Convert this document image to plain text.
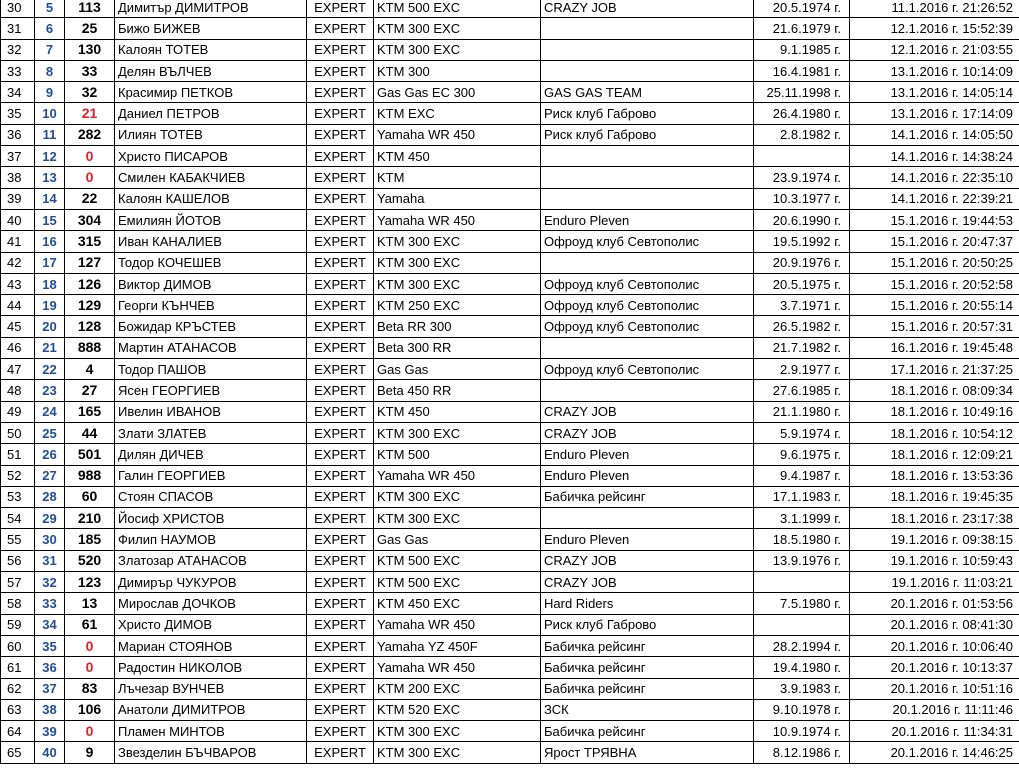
30	5	113	Димитър ДИМИТРОВ	EXPERT	KTM 500 EXC	CRAZY JOB	20.5.1974 г.	11.1.2016 г. 21:26:52
31	6	25	Бижо БИЖЕВ	EXPERT	KTM 300 EXC		21.6.1979 г.	12.1.2016 г. 15:52:39
32	7	130	Калоян ТОТЕВ	EXPERT	KTM 300 EXC		9.1.1985 г.	12.1.2016 г. 21:03:55
33	8	33	Делян ВЪЛЧЕВ	EXPERT	KTM 300		16.4.1981 г.	13.1.2016 г. 10:14:09
34	9	32	Красимир ПЕТКОВ	EXPERT	Gas Gas EC 300	GAS GAS TEAM	25.11.1998 г.	13.1.2016 г. 14:05:14
35	10	21	Даниел ПЕТРОВ	EXPERT	KTM EXC	Риск клуб Габрово	26.4.1980 г.	13.1.2016 г. 17:14:09
36	11	282	Илиян ТОТЕВ	EXPERT	Yamaha WR 450	Риск клуб Габрово	2.8.1982 г.	14.1.2016 г. 14:05:50
37	12	0	Христо ПИСАРОВ	EXPERT	KTM 450			14.1.2016 г. 14:38:24
38	13	0	Смилен КАБАКЧИЕВ	EXPERT	KTM		23.9.1974 г.	14.1.2016 г. 22:35:10
39	14	22	Калоян КАШЕЛОВ	EXPERT	Yamaha		10.3.1977 г.	14.1.2016 г. 22:39:21
40	15	304	Емилиян ЙОТОВ	EXPERT	Yamaha WR 450	Enduro Pleven	20.6.1990 г.	15.1.2016 г. 19:44:53
41	16	315	Иван КАНАЛИЕВ	EXPERT	KTM 300 EXC	Офроуд клуб Севтополис	19.5.1992 г.	15.1.2016 г. 20:47:37
42	17	127	Тодор КОЧЕШЕВ	EXPERT	KTM 300 EXC		20.9.1976 г.	15.1.2016 г. 20:50:25
43	18	126	Виктор ДИМОВ	EXPERT	KTM 300 EXC	Офроуд клуб Севтополис	20.5.1975 г.	15.1.2016 г. 20:52:58
44	19	129	Георги КЪНЧЕВ	EXPERT	KTM 250 EXC	Офроуд клуб Севтополис	3.7.1971 г.	15.1.2016 г. 20:55:14
45	20	128	Божидар КРЪСТЕВ	EXPERT	Beta RR 300	Офроуд клуб Севтополис	26.5.1982 г.	15.1.2016 г. 20:57:31
46	21	888	Мартин АТАНАСОВ	EXPERT	Beta 300 RR		21.7.1982 г.	16.1.2016 г. 19:45:48
47	22	4	Тодор ПАШОВ	EXPERT	Gas Gas	Офроуд клуб Севтополис	2.9.1977 г.	17.1.2016 г. 21:37:25
48	23	27	Ясен ГЕОРГИЕВ	EXPERT	Beta 450 RR		27.6.1985 г.	18.1.2016 г. 08:09:34
49	24	165	Ивелин ИВАНОВ	EXPERT	KTM 450	CRAZY JOB	21.1.1980 г.	18.1.2016 г. 10:49:16
50	25	44	Злати ЗЛАТЕВ	EXPERT	KTM 300 EXC	CRAZY JOB	5.9.1974 г.	18.1.2016 г. 10:54:12
51	26	501	Дилян ДИЧЕВ	EXPERT	KTM 500	Enduro Pleven	9.6.1975 г.	18.1.2016 г. 12:09:21
52	27	988	Галин ГЕОРГИЕВ	EXPERT	Yamaha WR 450	Enduro Pleven	9.4.1987 г.	18.1.2016 г. 13:53:36
53	28	60	Стоян СПАСОВ	EXPERT	KTM 300 EXC	Бабичка рейсинг	17.1.1983 г.	18.1.2016 г. 19:45:35
54	29	210	Йосиф ХРИСТОВ	EXPERT	KTM 300 EXC		3.1.1999 г.	18.1.2016 г. 23:17:38
55	30	185	Филип НАУМОВ	EXPERT	Gas Gas	Enduro Pleven	18.5.1980 г.	19.1.2016 г. 09:38:15
56	31	520	Златозар АТАНАСОВ	EXPERT	KTM 500 EXC	CRAZY JOB	13.9.1976 г.	19.1.2016 г. 10:59:43
57	32	123	Димирър ЧУКУРОВ	EXPERT	KTM 500 EXC	CRAZY JOB		19.1.2016 г. 11:03:21
58	33	13	Мирослав ДОЧКОВ	EXPERT	KTM 450 EXC	Hard Riders	7.5.1980 г.	20.1.2016 г. 01:53:56
59	34	61	Христо ДИМОВ	EXPERT	Yamaha WR 450	Риск клуб Габрово		20.1.2016 г. 08:41:30
60	35	0	Мариан СТОЯНОВ	EXPERT	Yamaha YZ 450F	Бабичка рейсинг	28.2.1994 г.	20.1.2016 г. 10:06:40
61	36	0	Радостин НИКОЛОВ	EXPERT	Yamaha WR 450	Бабичка рейсинг	19.4.1980 г.	20.1.2016 г. 10:13:37
62	37	83	Лъчезар ВУНЧЕВ	EXPERT	KTM 200 EXC	Бабичка рейсинг	3.9.1983 г.	20.1.2016 г. 10:51:16
63	38	106	Анатоли ДИМИТРОВ	EXPERT	KTM 520 EXC	ЗСК	9.10.1978 г.	20.1.2016 г. 11:11:46
64	39	0	Пламен МИНТОВ	EXPERT	KTM 300 EXC	Бабичка рейсинг	10.9.1974 г.	20.1.2016 г. 11:34:31
65	40	9	Звезделин БЪЧВАРОВ	EXPERT	KTM 300 EXC	Ярост ТРЯВНА	8.12.1986 г.	20.1.2016 г. 14:46:25
